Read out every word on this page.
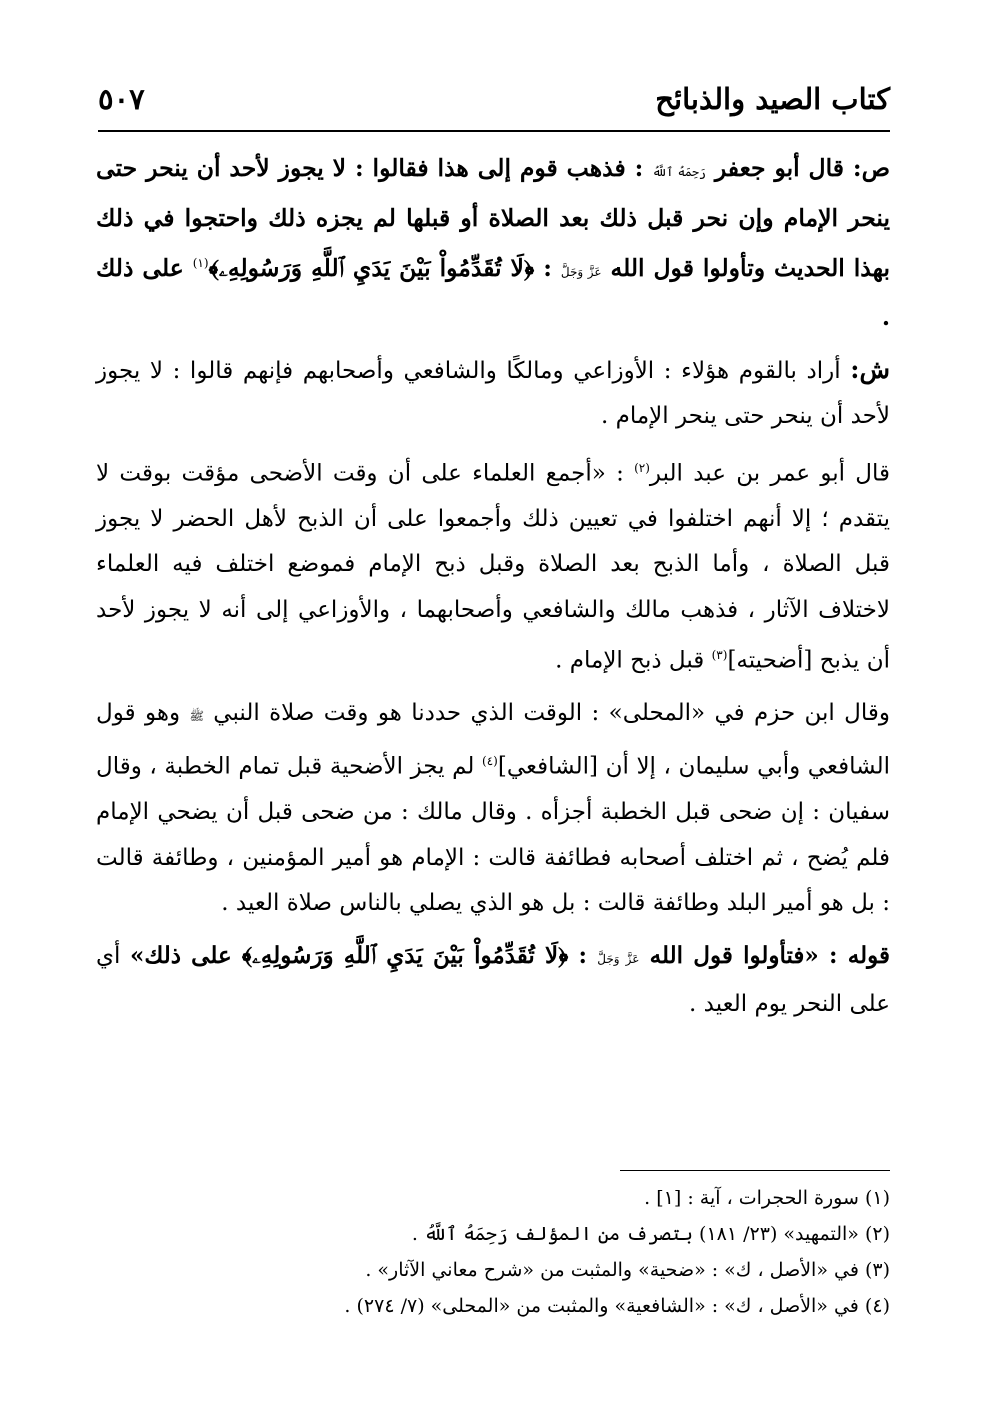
كتاب الصيد والذبائح
٥٠٧

ص: قال أبو جعفر رَحِمَهُ ٱللَّهُ : فذهب قوم إلى هذا فقالوا : لا يجوز لأحد أن ينحر حتى ينحر الإمام وإن نحر قبل ذلك بعد الصلاة أو قبلها لم يجزه ذلك واحتجوا في ذلك بهذا الحديث وتأولوا قول الله عَزَّ وَجَلَّ : ﴿لَا تُقَدِّمُواْ بَيْنَ يَدَيِ ٱللَّهِ وَرَسُولِهِۦ﴾$^{(١)}$ على ذلك .

ش: أراد بالقوم هؤلاء : الأوزاعي ومالكًا والشافعي وأصحابهم فإنهم قالوا : لا يجوز لأحد أن ينحر حتى ينحر الإمام .

قال أبو عمر بن عبد البر$^{(٢)}$ : «أجمع العلماء على أن وقت الأضحى مؤقت بوقت لا يتقدم ؛ إلا أنهم اختلفوا في تعيين ذلك وأجمعوا على أن الذبح لأهل الحضر لا يجوز قبل الصلاة ، وأما الذبح بعد الصلاة وقبل ذبح الإمام فموضع اختلف فيه العلماء لاختلاف الآثار ، فذهب مالك والشافعي وأصحابهما ، والأوزاعي إلى أنه لا يجوز لأحد أن يذبح [أضحيته]$^{(٣)}$ قبل ذبح الإمام .

وقال ابن حزم في «المحلى» : الوقت الذي حددنا هو وقت صلاة النبي ﷺ وهو قول الشافعي وأبي سليمان ، إلا أن [الشافعي]$^{(٤)}$ لم يجز الأضحية قبل تمام الخطبة ، وقال سفيان : إن ضحى قبل الخطبة أجزأه . وقال مالك : من ضحى قبل أن يضحي الإمام فلم يُضح ، ثم اختلف أصحابه فطائفة قالت : الإمام هو أمير المؤمنين ، وطائفة قالت : بل هو أمير البلد وطائفة قالت : بل هو الذي يصلي بالناس صلاة العيد .

قوله : «فتأولوا قول الله عَزَّ وَجَلَّ : ﴿لَا تُقَدِّمُواْ بَيْنَ يَدَيِ ٱللَّهِ وَرَسُولِهِۦ﴾ على ذلك» أي على النحر يوم العيد .

(١) سورة الحجرات ، آية : [١] .

(٢) «التمهيد» (٢٣/ ١٨١) بتصرف من المؤلف رَحِمَهُ ٱللَّهُ .

(٣) في «الأصل ، ك» : «ضحية» والمثبت من «شرح معاني الآثار» .

(٤) في «الأصل ، ك» : «الشافعية» والمثبت من «المحلى» (٧/ ٢٧٤) .
